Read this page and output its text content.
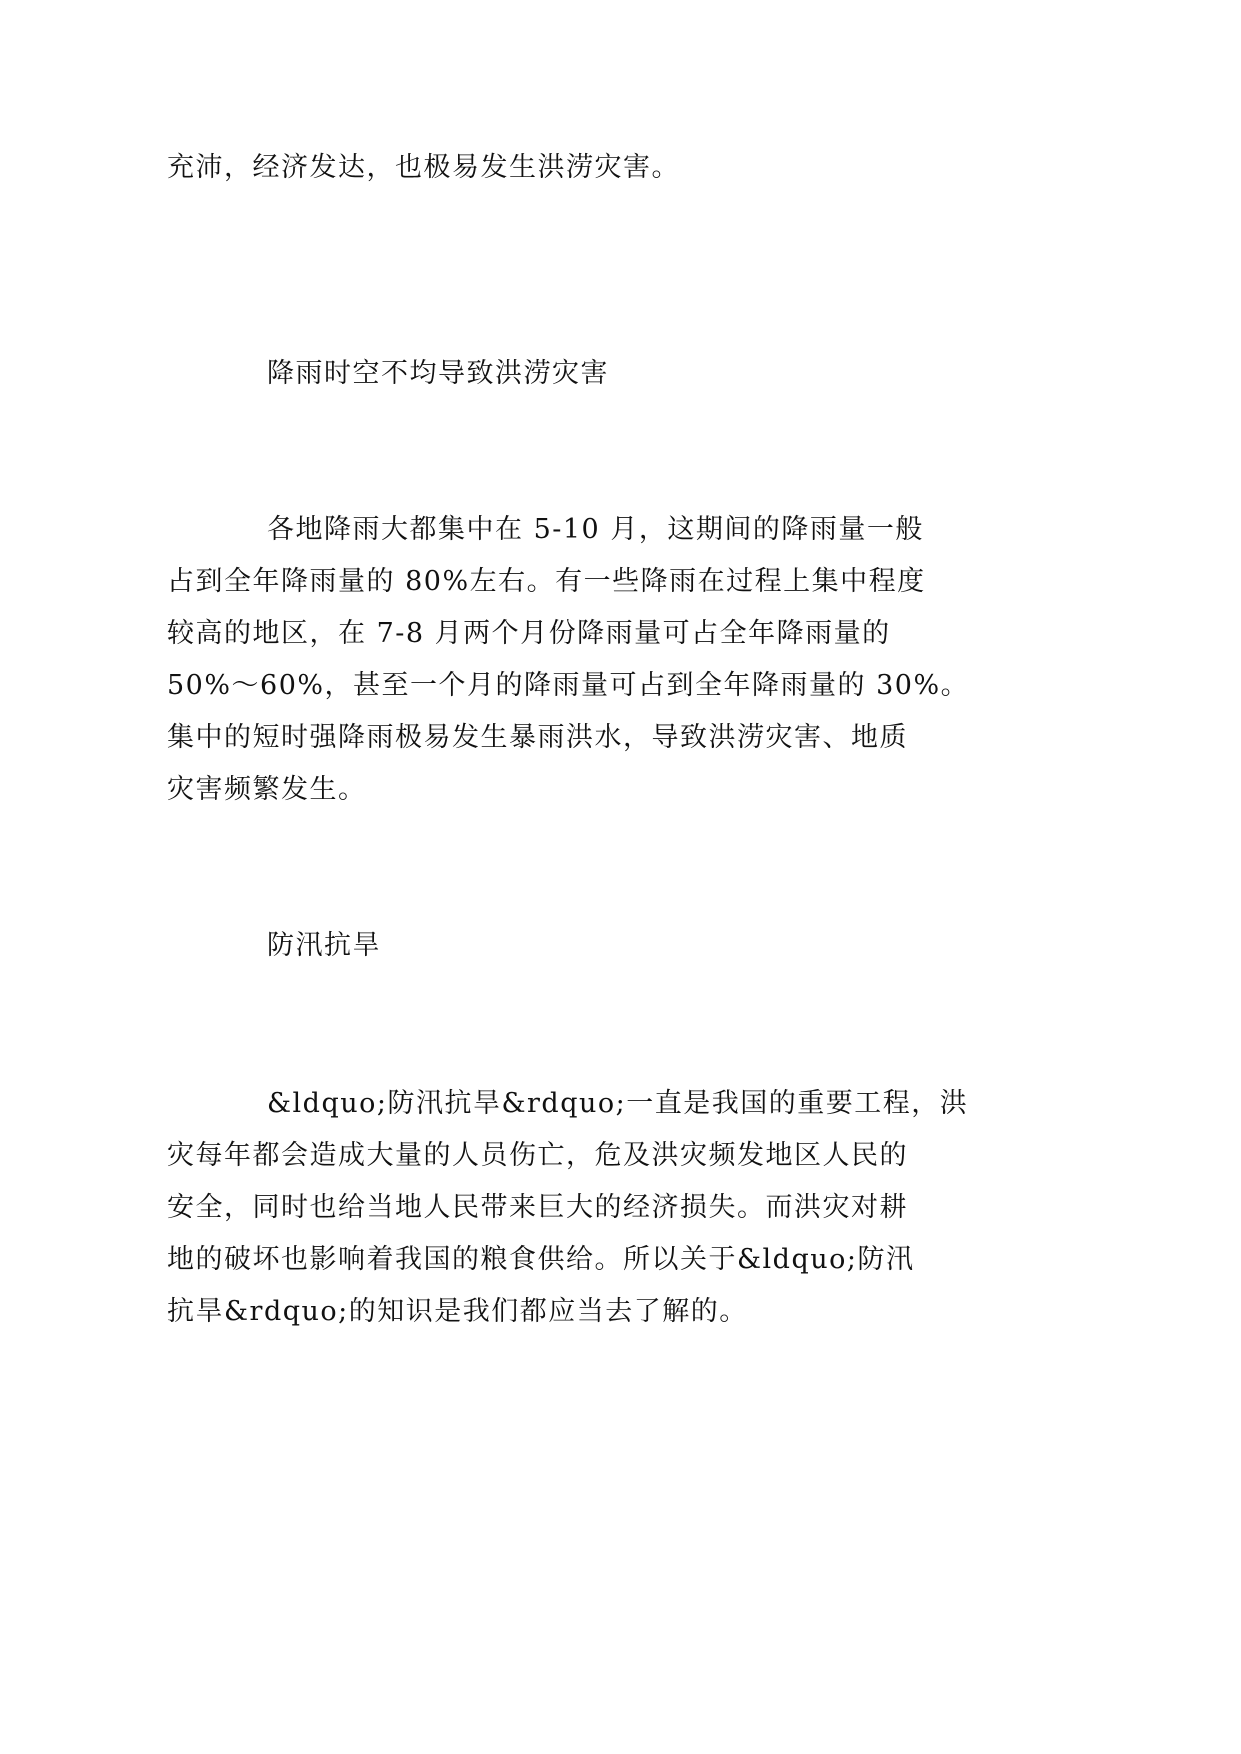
充沛，经济发达，也极易发生洪涝灾害。
降雨时空不均导致洪涝灾害
各地降雨大都集中在 5-10 月，这期间的降雨量一般
占到全年降雨量的 80%左右。有一些降雨在过程上集中程度
较高的地区，在 7-8 月两个月份降雨量可占全年降雨量的
50%～60%，甚至一个月的降雨量可占到全年降雨量的 30%。
集中的短时强降雨极易发生暴雨洪水，导致洪涝灾害、地质
灾害频繁发生。
防汛抗旱
&ldquo;防汛抗旱&rdquo;一直是我国的重要工程，洪
灾每年都会造成大量的人员伤亡，危及洪灾频发地区人民的
安全，同时也给当地人民带来巨大的经济损失。而洪灾对耕
地的破坏也影响着我国的粮食供给。所以关于&ldquo;防汛
抗旱&rdquo;的知识是我们都应当去了解的。
